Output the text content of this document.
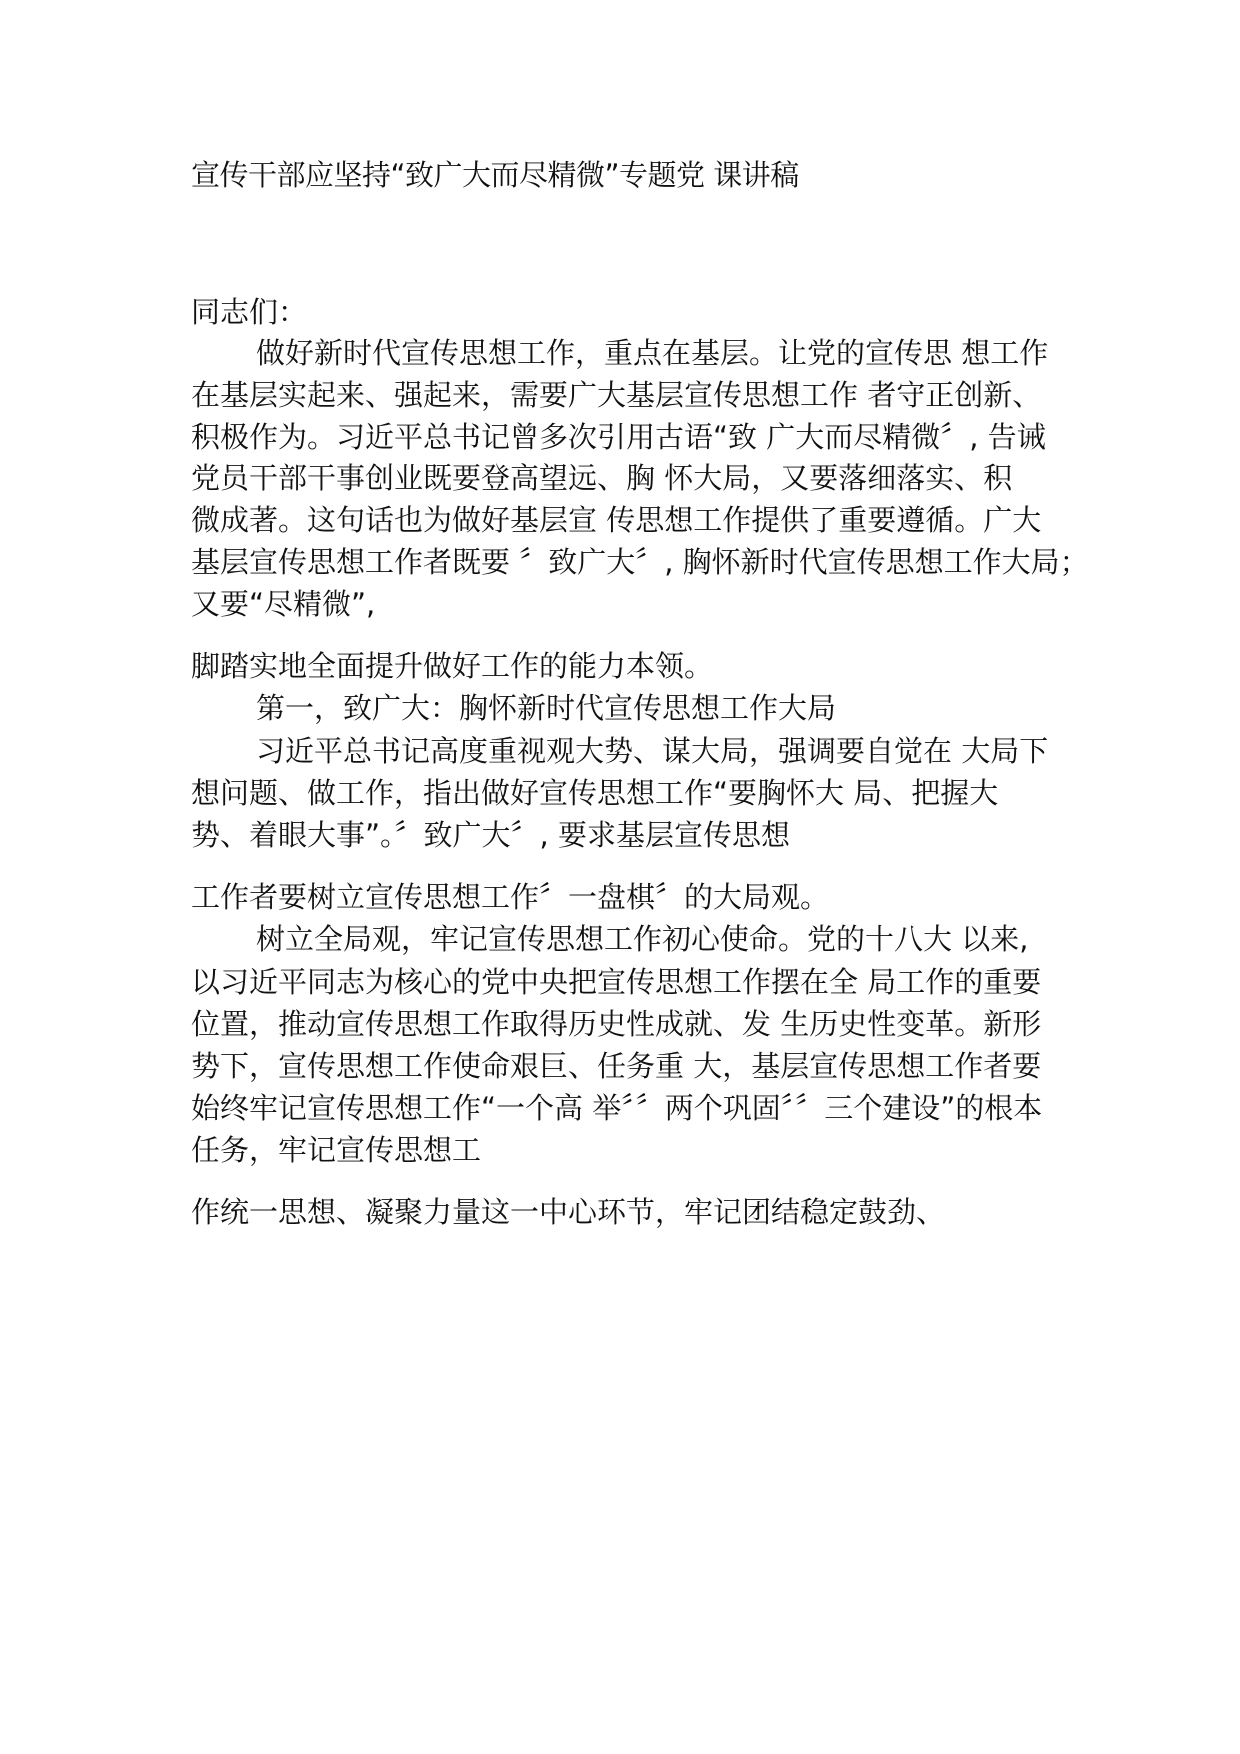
宣传干部应坚持“致广大而尽精微”专题党 课讲稿
同志们：
做好新时代宣传思想工作，重点在基层。让党的宣传思 想工作
在基层实起来、强起来，需要广大基层宣传思想工作 者守正创新、
积极作为。习近平总书记曾多次引用古语“致 广大而尽精微〞, 告诫
党员干部干事创业既要登高望远、胸 怀大局，又要落细落实、积
微成著。这句话也为做好基层宣 传思想工作提供了重要遵循。广大
基层宣传思想工作者既要 〞致广大〞, 胸怀新时代宣传思想工作大局；
又要“尽精微”,
脚踏实地全面提升做好工作的能力本领。
第一，致广大：胸怀新时代宣传思想工作大局
习近平总书记高度重视观大势、谋大局，强调要自觉在 大局下
想问题、做工作，指出做好宣传思想工作“要胸怀大 局、把握大
势、着眼大事”。〞致广大〞, 要求基层宣传思想
工作者要树立宣传思想工作〞一盘棋〞的大局观。
树立全局观，牢记宣传思想工作初心使命。党的十八大 以来,
以习近平同志为核心的党中央把宣传思想工作摆在全 局工作的重要
位置，推动宣传思想工作取得历史性成就、发 生历史性变革。新形
势下，宣传思想工作使命艰巨、任务重 大，基层宣传思想工作者要
始终牢记宣传思想工作“一个高 举〞〞两个巩固〞〞三个建设”的根本
任务，牢记宣传思想工
作统一思想、凝聚力量这一中心环节，牢记团结稳定鼓劲、
